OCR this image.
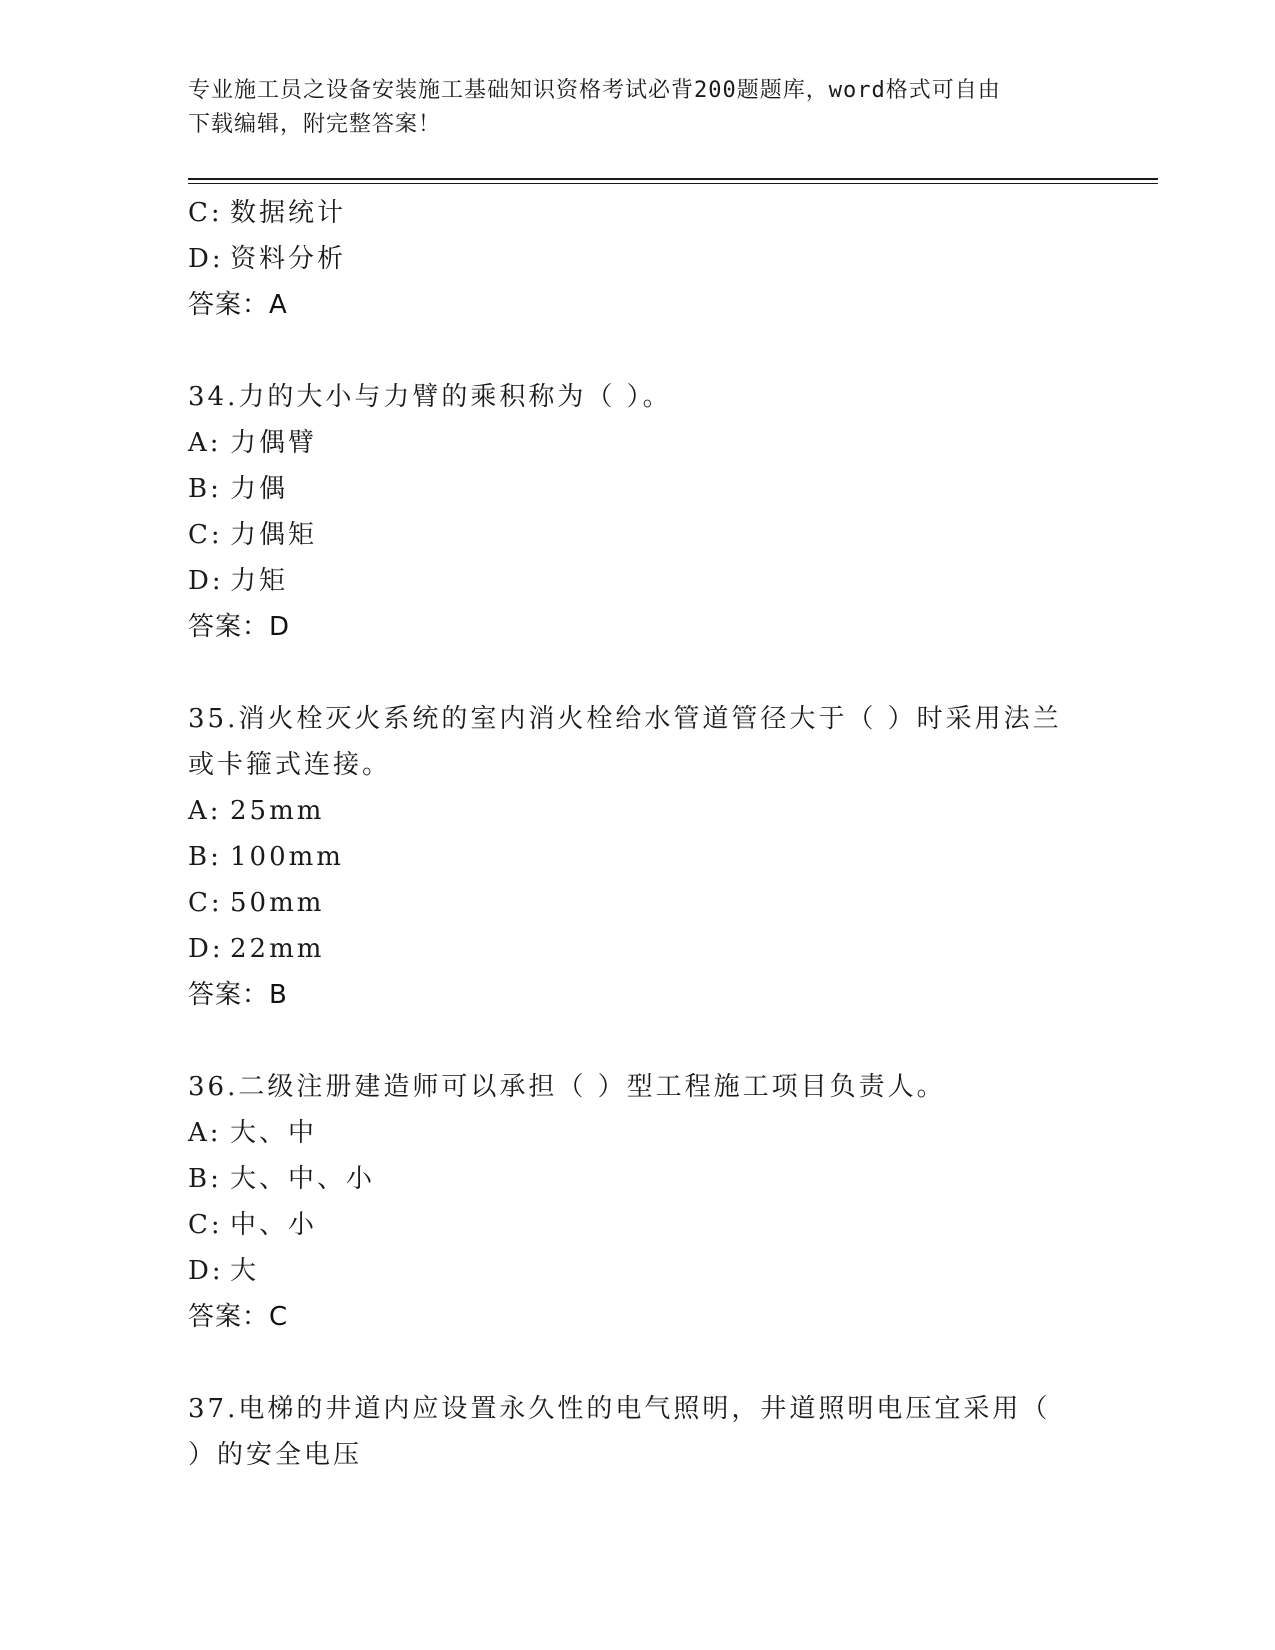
专业施工员之设备安装施工基础知识资格考试必背200题题库，word格式可自由
下载编辑，附完整答案！
C: 数据统计
D: 资料分析
答案：A
34.力的大小与力臂的乘积称为（ ）。
A: 力偶臂
B: 力偶
C: 力偶矩
D: 力矩
答案：D
35.消火栓灭火系统的室内消火栓给水管道管径大于（ ）时采用法兰
或卡箍式连接。
A: 25mm
B: 100mm
C: 50mm
D: 22mm
答案：B
36.二级注册建造师可以承担（ ）型工程施工项目负责人。
A: 大、中
B: 大、中、小
C: 中、小
D: 大
答案：C
37.电梯的井道内应设置永久性的电气照明，井道照明电压宜采用（
）的安全电压
